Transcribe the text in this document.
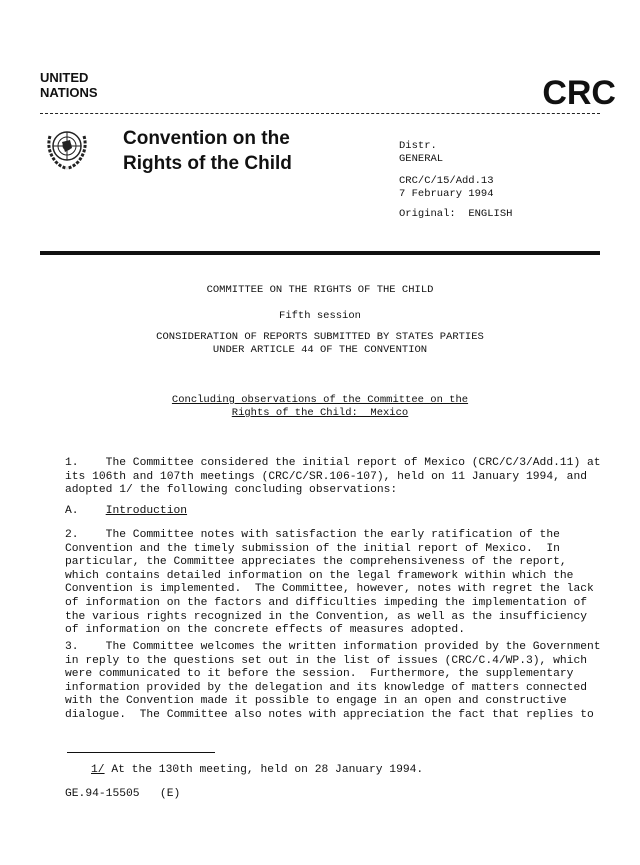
UNITED
NATIONS	CRC
Convention on the
Rights of the Child
Distr.
GENERAL
CRC/C/15/Add.13
7 February 1994
Original: ENGLISH
COMMITTEE ON THE RIGHTS OF THE CHILD
Fifth session
CONSIDERATION OF REPORTS SUBMITTED BY STATES PARTIES
UNDER ARTICLE 44 OF THE CONVENTION
Concluding observations of the Committee on the
Rights of the Child:  Mexico
1.    The Committee considered the initial report of Mexico (CRC/C/3/Add.11) at
its 106th and 107th meetings (CRC/C/SR.106-107), held on 11 January 1994, and
adopted 1/ the following concluding observations:
A. Introduction
2.    The Committee notes with satisfaction the early ratification of the
Convention and the timely submission of the initial report of Mexico.  In
particular, the Committee appreciates the comprehensiveness of the report,
which contains detailed information on the legal framework within which the
Convention is implemented.  The Committee, however, notes with regret the lack
of information on the factors and difficulties impeding the implementation of
the various rights recognized in the Convention, as well as the insufficiency
of information on the concrete effects of measures adopted.
3.    The Committee welcomes the written information provided by the Government
in reply to the questions set out in the list of issues (CRC/C.4/WP.3), which
were communicated to it before the session.  Furthermore, the supplementary
information provided by the delegation and its knowledge of matters connected
with the Convention made it possible to engage in an open and constructive
dialogue.  The Committee also notes with appreciation the fact that replies to
1/ At the 130th meeting, held on 28 January 1994.
GE.94-15505   (E)
